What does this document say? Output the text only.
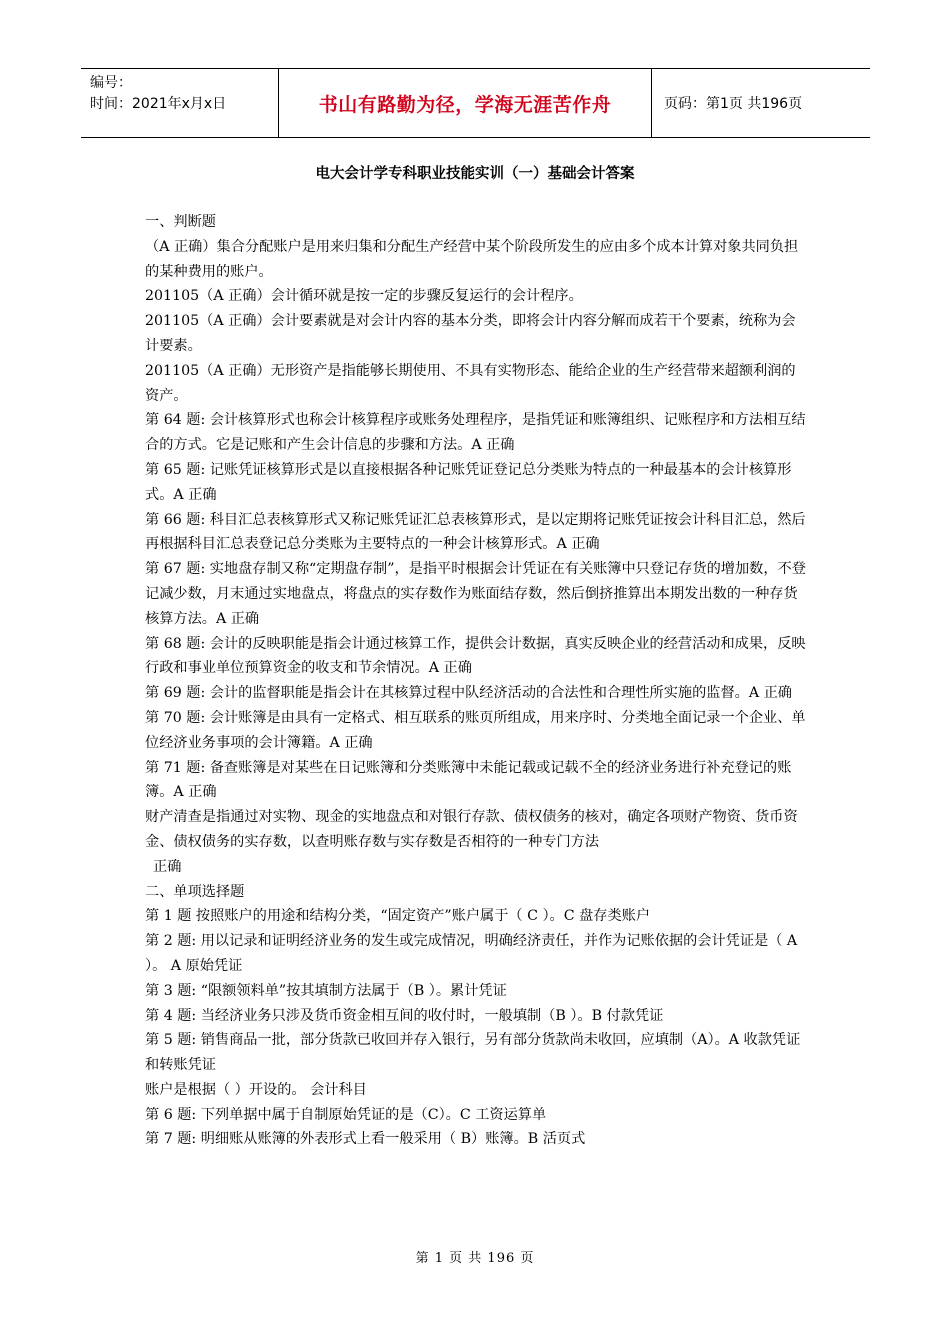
编号：
时间：2021年x月x日	书山有路勤为径，学海无涯苦作舟	页码：第1页 共196页
电大会计学专科职业技能实训（一）基础会计答案

一、判断题

（A 正确）集合分配账户是用来归集和分配生产经营中某个阶段所发生的应由多个成本计算对象共同负担的某种费用的账户。

201105（A 正确）会计循环就是按一定的步骤反复运行的会计程序。

201105（A 正确）会计要素就是对会计内容的基本分类，即将会计内容分解而成若干个要素，统称为会计要素。

201105（A 正确）无形资产是指能够长期使用、不具有实物形态、能给企业的生产经营带来超额利润的资产。

第 64 题: 会计核算形式也称会计核算程序或账务处理程序，是指凭证和账簿组织、记账程序和方法相互结合的方式。它是记账和产生会计信息的步骤和方法。A 正确

第 65 题: 记账凭证核算形式是以直接根据各种记账凭证登记总分类账为特点的一种最基本的会计核算形式。A 正确

第 66 题: 科目汇总表核算形式又称记账凭证汇总表核算形式，是以定期将记账凭证按会计科目汇总，然后再根据科目汇总表登记总分类账为主要特点的一种会计核算形式。A 正确

第 67 题: 实地盘存制又称“定期盘存制”，是指平时根据会计凭证在有关账簿中只登记存货的增加数，不登记减少数，月末通过实地盘点，将盘点的实存数作为账面结存数，然后倒挤推算出本期发出数的一种存货核算方法。A 正确

第 68 题: 会计的反映职能是指会计通过核算工作，提供会计数据，真实反映企业的经营活动和成果，反映行政和事业单位预算资金的收支和节余情况。A 正确

第 69 题: 会计的监督职能是指会计在其核算过程中队经济活动的合法性和合理性所实施的监督。A 正确

第 70 题: 会计账簿是由具有一定格式、相互联系的账页所组成，用来序时、分类地全面记录一个企业、单位经济业务事项的会计簿籍。A 正确

第 71 题: 备查账簿是对某些在日记账簿和分类账簿中未能记载或记载不全的经济业务进行补充登记的账簿。A 正确

财产清查是指通过对实物、现金的实地盘点和对银行存款、债权债务的核对，确定各项财产物资、货币资金、债权债务的实存数，以查明账存数与实存数是否相符的一种专门方法

正确

二、单项选择题

第 1 题 按照账户的用途和结构分类，“固定资产”账户属于（ C ）。C 盘存类账户

第 2 题: 用以记录和证明经济业务的发生或完成情况，明确经济责任，并作为记账依据的会计凭证是（ A ）。 A 原始凭证

第 3 题: “限额领料单”按其填制方法属于（B ）。累计凭证

第 4 题: 当经济业务只涉及货币资金相互间的收付时，一般填制（B ）。B 付款凭证

第 5 题: 销售商品一批，部分货款已收回并存入银行，另有部分货款尚未收回，应填制（A）。A 收款凭证和转账凭证

账户是根据（ ）开设的。 会计科目

第 6 题: 下列单据中属于自制原始凭证的是（C）。C 工资运算单

第 7 题: 明细账从账簿的外表形式上看一般采用（ B）账簿。B 活页式

第 1 页 共 196 页
